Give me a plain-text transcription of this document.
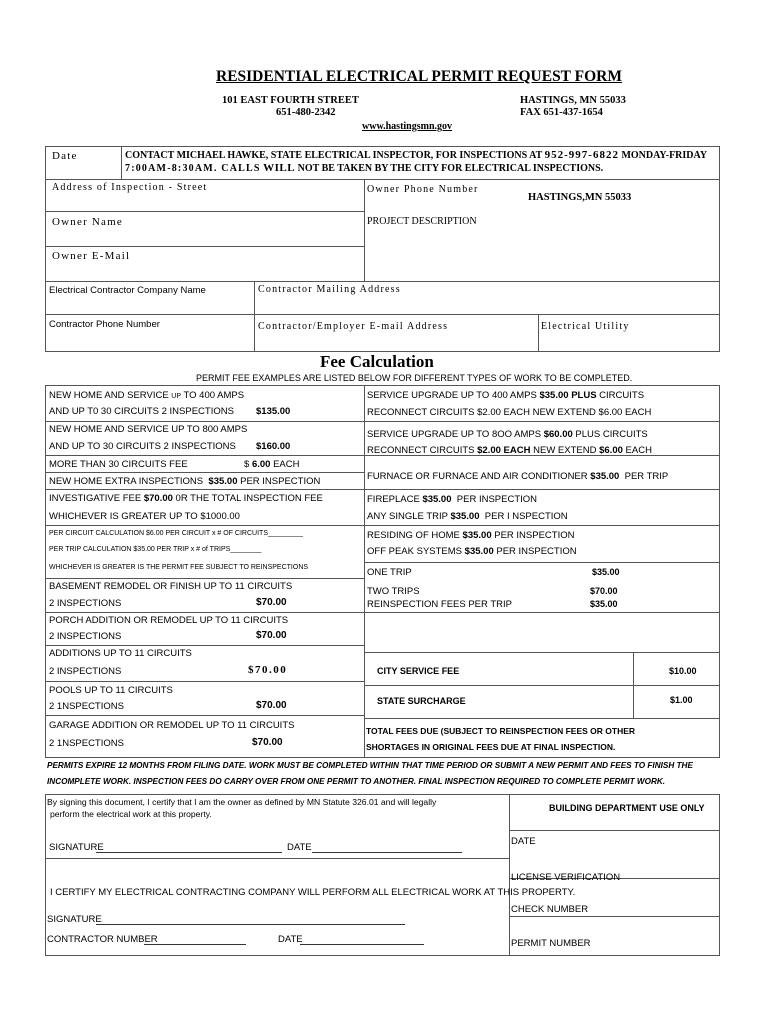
RESIDENTIAL ELECTRICAL PERMIT REQUEST FORM
101 EAST FOURTH STREET
651-480-2342
HASTINGS, MN 55033
FAX 651-437-1654
www.hastingsmn.gov
Date	CONTACT MICHAEL HAWKE, STATE ELECTRICAL INSPECTOR, FOR INSPECTIONS AT 952-997-6822 MONDAY-FRIDAY
7:00AM-8:30AM. CALLS WILL NOT BE TAKEN BY THE CITY FOR ELECTRICAL INSPECTIONS.
Address of Inspection - Street	Owner Phone Number
HASTINGS,MN 55033
Owner Name	PROJECT DESCRIPTION
Owner E-Mail
Electrical Contractor Company Name	Contractor Mailing Address
Contractor Phone Number	Contractor/Employer E-mail Address	Electrical Utility
Fee Calculation
PERMIT FEE EXAMPLES ARE LISTED BELOW FOR DIFFERENT TYPES OF WORK TO BE COMPLETED.
NEW HOME AND SERVICE UP TO 400 AMPS
AND UP T0 30 CIRCUITS 2 INSPECTIONS $135.00
NEW HOME AND SERVICE UP TO 800 AMPS
AND UP TO 30 CIRCUITS 2 INSPECTIONS $160.00
MORE THAN 30 CIRCUITS FEE	$ 6.00 EACH
NEW HOME EXTRA INSPECTIONS $35.00 PER INSPECTION
INVESTIGATIVE FEE $70.00 0R THE TOTAL INSPECTION FEE
WHICHEVER IS GREATER UP TO $1000.00
PER CIRCUIT CALCULATION $6.00 PER CIRCUIT x # OF CIRCUITS_________
PER TRIP CALCULATION $35.00 PER TRIP x # of TRIPS________
WHICHEVER IS GREATER IS THE PERMIT FEE SUBJECT TO REINSPECTIONS
BASEMENT REMODEL OR FINISH UP TO 11 CIRCUITS
2 INSPECTIONS	$70.00
PORCH ADDITION OR REMODEL UP TO 11 CIRCUITS
2 INSPECTIONS	$70.00
ADDITIONS UP TO 11 CIRCUITS
2 INSPECTIONS	$70.00
POOLS UP TO 11 CIRCUITS
2 1NSPECTIONS	$70.00
GARAGE ADDITION OR REMODEL UP TO 11 CIRCUITS
2 1NSPECTIONS	$70.00
SERVICE UPGRADE UP TO 400 AMPS $35.00 PLUS CIRCUITS
RECONNECT CIRCUITS $2.00 EACH NEW EXTEND $6.00 EACH
SERVICE UPGRADE UP TO 8OO AMPS $60.00 PLUS CIRCUITS
RECONNECT CIRCUITS $2.00 EACH NEW EXTEND $6.00 EACH
FURNACE OR FURNACE AND AIR CONDITIONER $35.00 PER TRIP
FIREPLACE $35.00 PER INSPECTION
ANY SINGLE TRIP $35.00 PER I NSPECTION
RESIDING OF HOME $35.00 PER INSPECTION
OFF PEAK SYSTEMS $35.00 PER INSPECTION
ONE TRIP	$35.00
TWO TRIPS	$70.00
REINSPECTION FEES PER TRIP	$35.00
CITY SERVICE FEE	$10.00
STATE SURCHARGE	$1.00
TOTAL FEES DUE (SUBJECT TO REINSPECTION FEES OR OTHER
SHORTAGES IN ORIGINAL FEES DUE AT FINAL INSPECTION.
PERMITS EXPIRE 12 MONTHS FROM FILING DATE. WORK MUST BE COMPLETED WITHIN THAT TIME PERIOD OR SUBMIT A NEW PERMIT AND FEES TO FINISH THE
INCOMPLETE WORK. INSPECTION FEES DO CARRY OVER FROM ONE PERMIT TO ANOTHER. FINAL INSPECTION REQUIRED TO COMPLETE PERMIT WORK.
By signing this document, I certify that I am the owner as defined by MN Statute 326.01 and will legally
perform the electrical work at this property.
SIGNATURE	DATE
I CERTIFY MY ELECTRICAL CONTRACTING COMPANY WILL PERFORM ALL ELECTRICAL WORK AT THIS PROPERTY.
SIGNATURE
CONTRACTOR NUMBER	DATE
BUILDING DEPARTMENT USE ONLY
DATE
LICENSE VERIFICATION
CHECK NUMBER
PERMIT NUMBER
